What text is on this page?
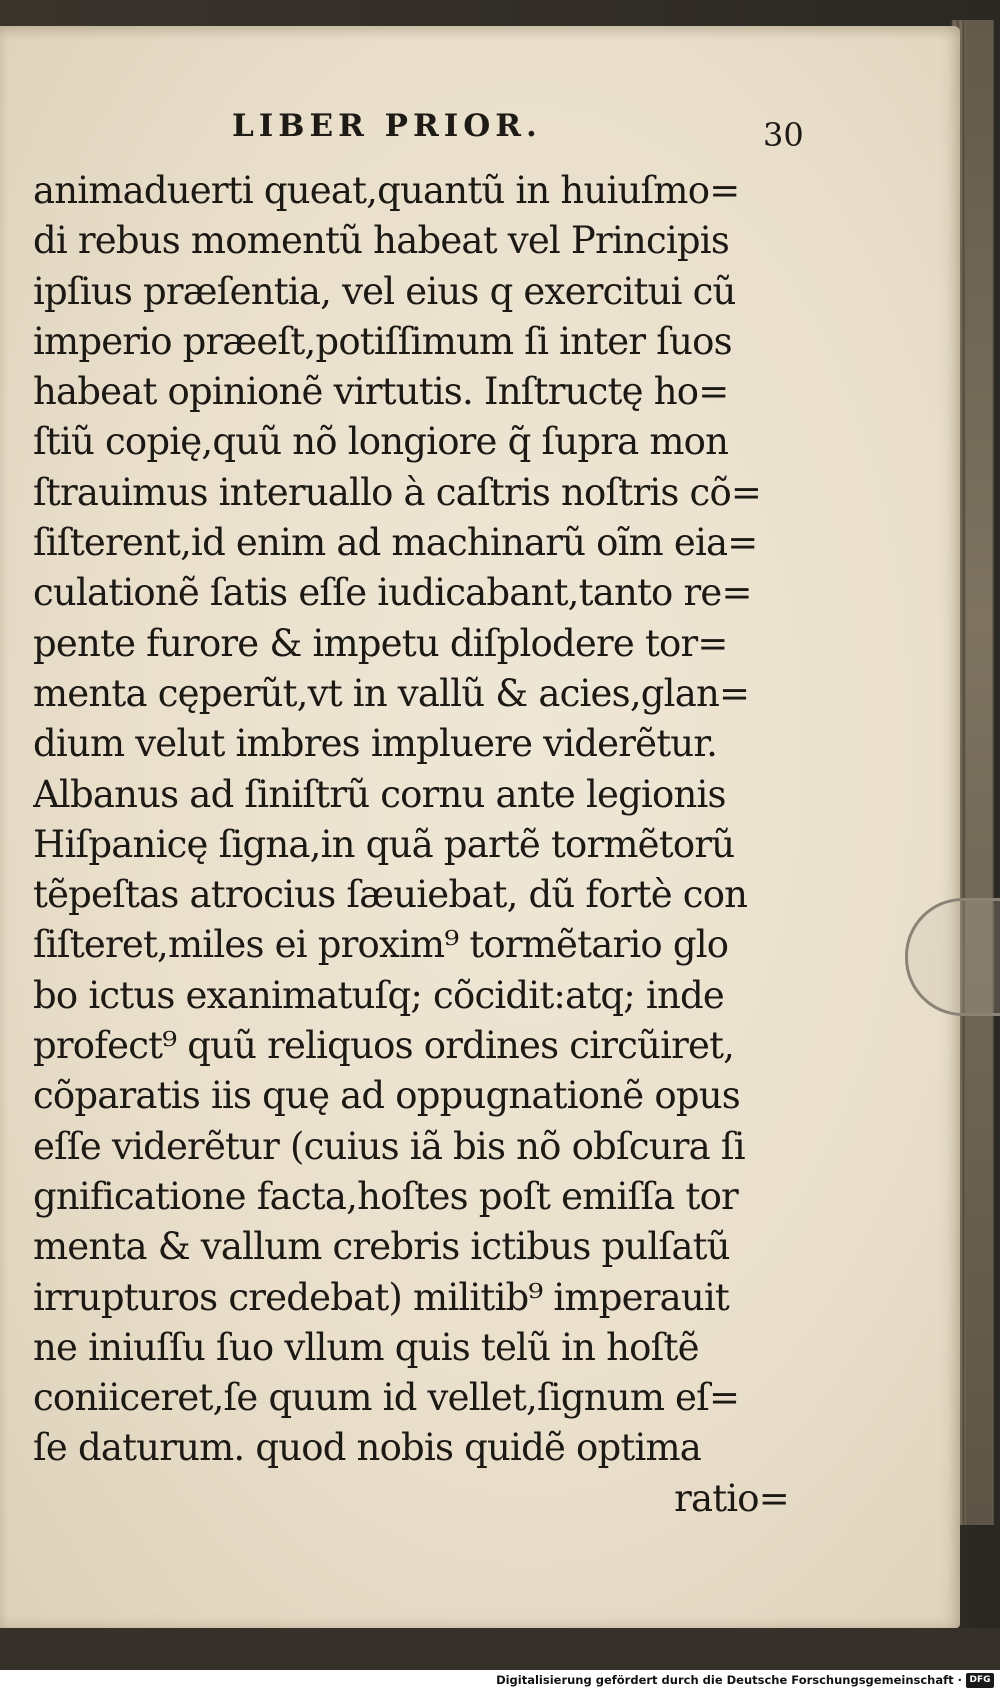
LIBER PRIOR.	30
animaduerti queat,quantũ in huiuſmo=
di rebus momentũ habeat vel Principis
ipſius præſentia, vel eius q exercitui cũ
imperio præeſt,potiſſimum ſi inter ſuos
habeat opinionẽ virtutis. Inſtructę ho=
ſtiũ copię,quũ nõ longiore q̃ ſupra mon
ſtrauimus interuallo à caſtris noſtris cõ=
ſiſterent,id enim ad machinarũ oĩm eia=
culationẽ ſatis eſſe iudicabant,tanto re=
pente furore & impetu diſplodere tor=
menta cęperũt,vt in vallũ & acies,glan=
dium velut imbres impluere viderẽtur.
Albanus ad ſiniſtrũ cornu ante legionis
Hiſpanicę ſigna,in quã partẽ tormẽtorũ
tẽpeſtas atrocius ſæuiebat, dũ fortè con
ſiſteret,miles ei proxim⁹ tormẽtario glo
bo ictus exanimatuſq; cõcidit:atq; inde
profect⁹ quũ reliquos ordines circũiret,
cõparatis iis quę ad oppugnationẽ opus
eſſe viderẽtur (cuius iã bis nõ obſcura ſi
gnificatione facta,hoſtes poſt emiſſa tor
menta & vallum crebris ictibus pulſatũ
irrupturos credebat) militib⁹ imperauit
ne iniuſſu ſuo vllum quis telũ in hoſtẽ
coniiceret,ſe quum id vellet,ſignum eſ=
ſe daturum. quod nobis quidẽ optima
ratio=
Digitalisierung gefördert durch die Deutsche Forschungsgemeinschaft · DFG
